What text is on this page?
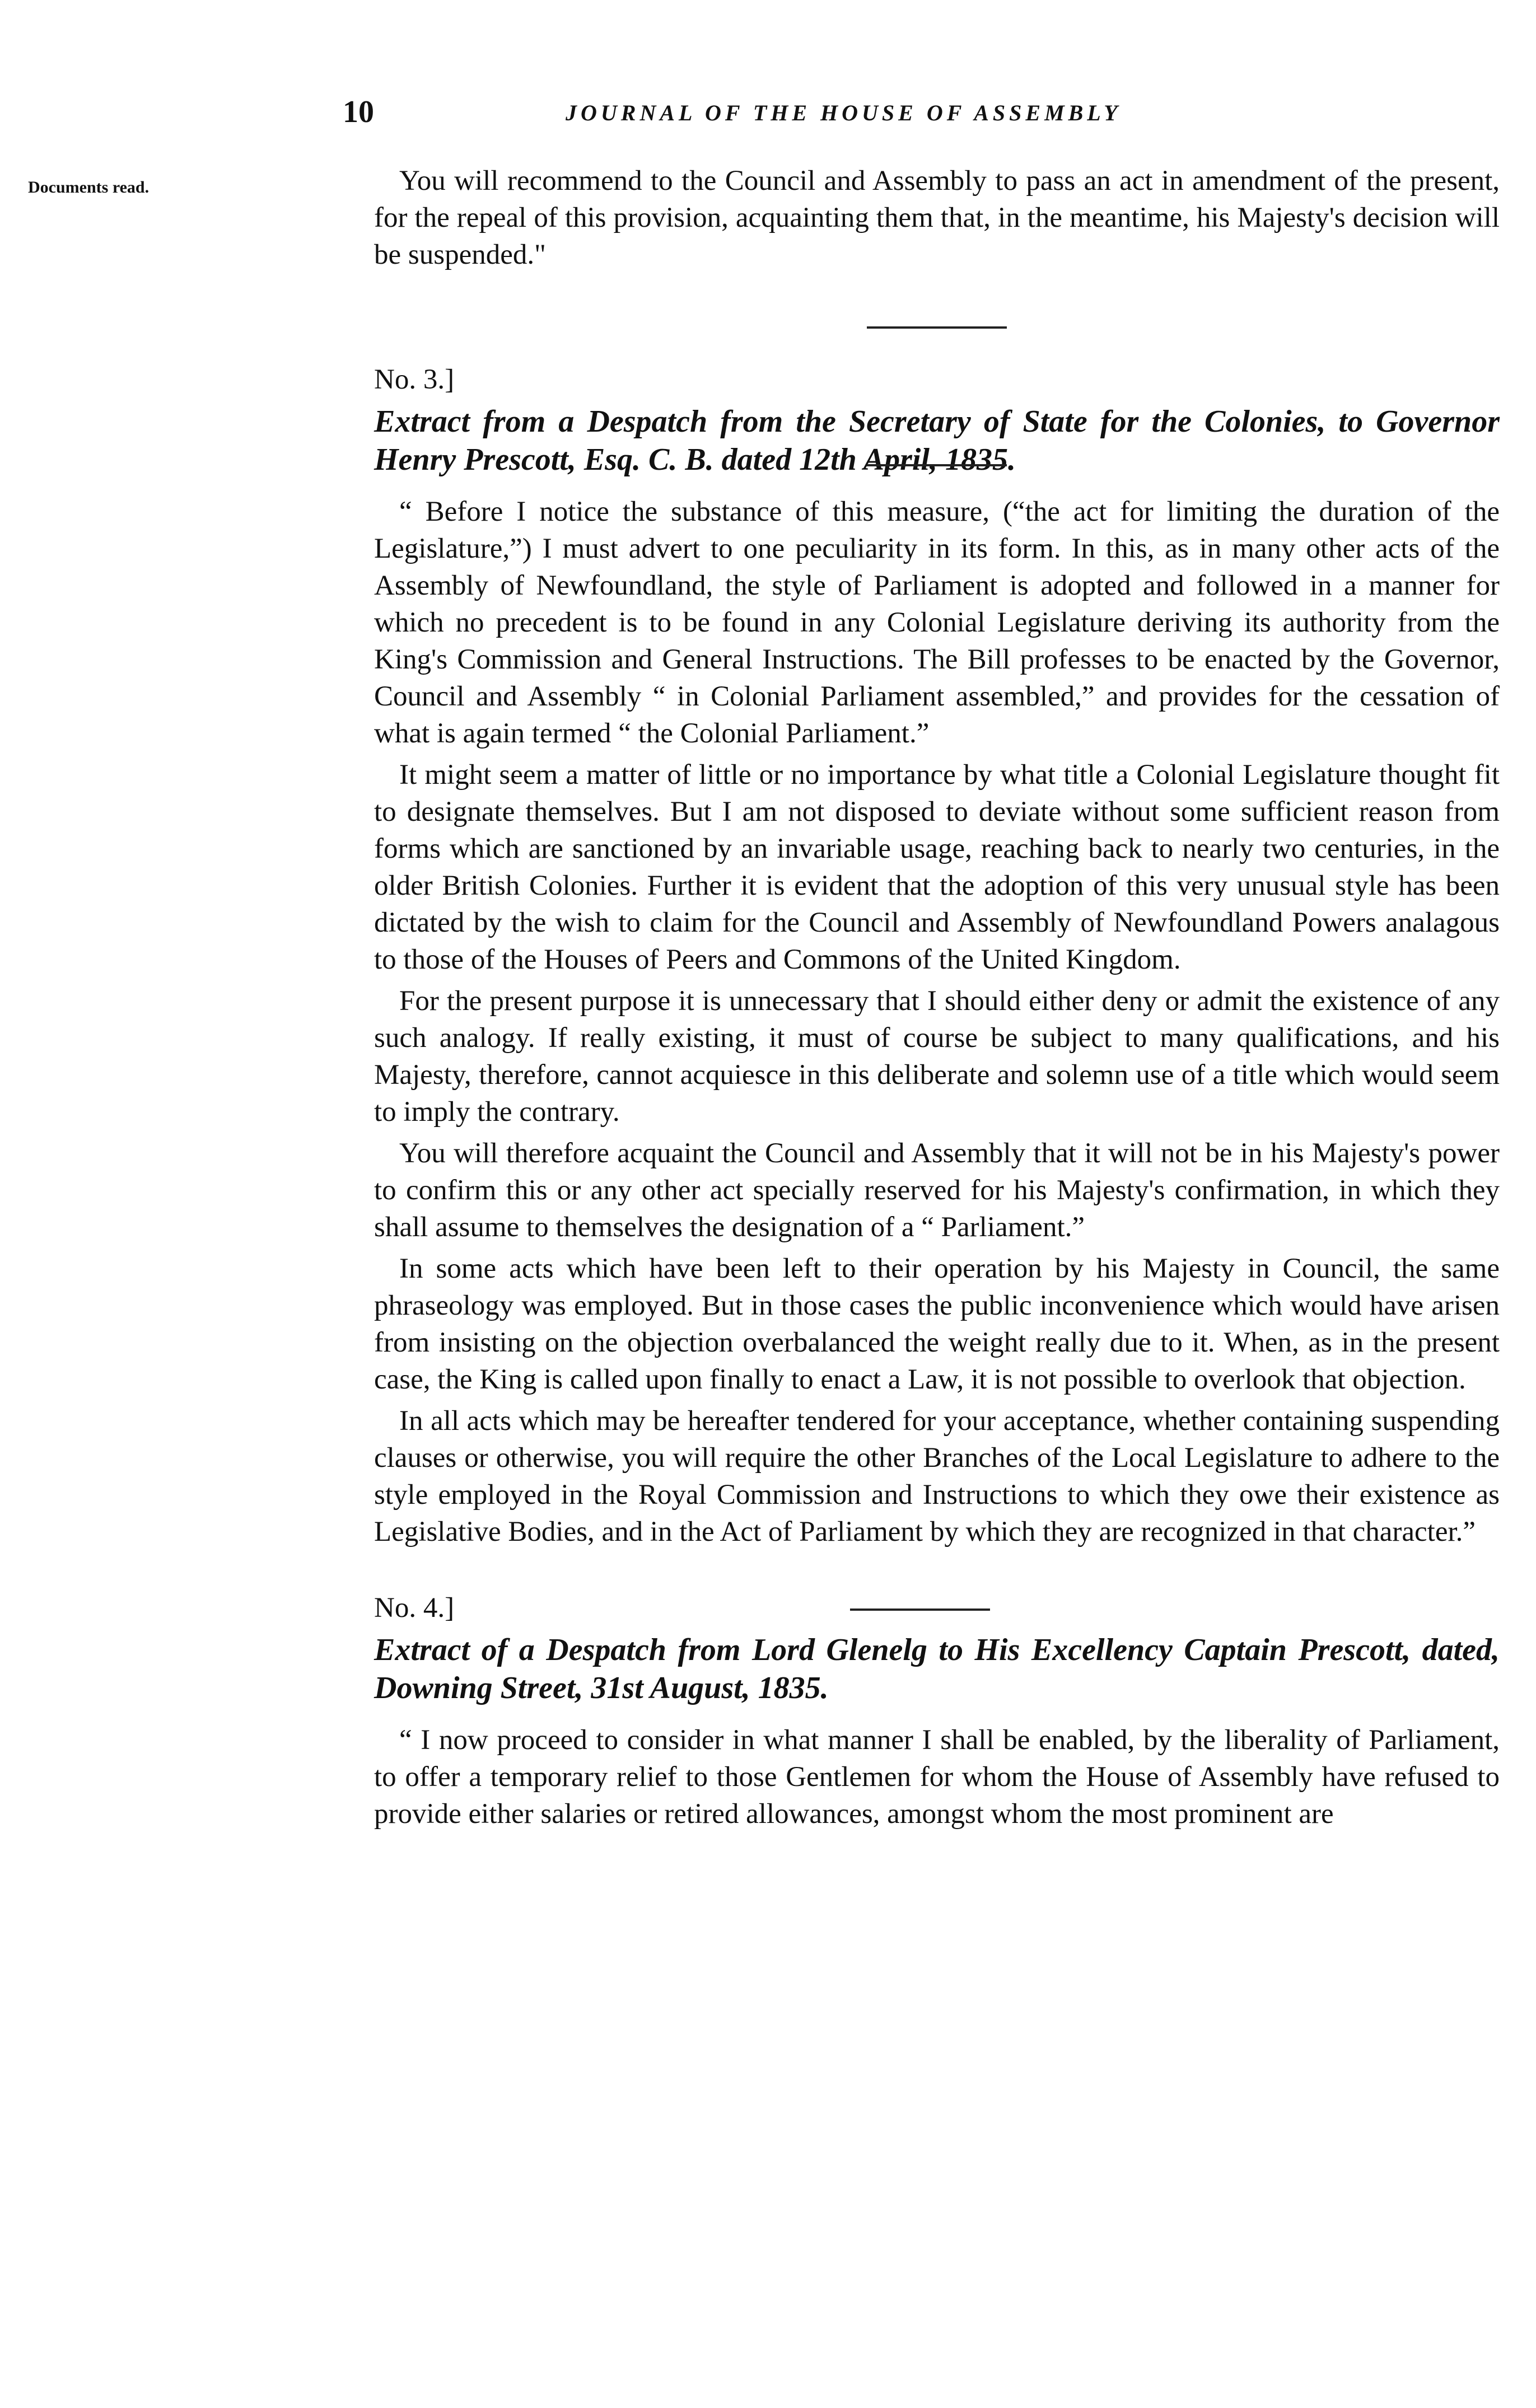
10	JOURNAL OF THE HOUSE OF ASSEMBLY
Documents read.	You will recommend to the Council and Assembly to pass an act in amendment of the present, for the repeal of this provision, acquainting them that, in the meantime, his Majesty's decision will be suspended."

No. 3.]
Extract from a Despatch from the Secretary of State for the Colonies, to Governor Henry Prescott, Esq. C. B. dated 12th April, 1835.

“ Before I notice the substance of this measure, (“the act for limiting the duration of the Legislature,”) I must advert to one peculiarity in its form. In this, as in many other acts of the Assembly of Newfoundland, the style of Parliament is adopted and followed in a manner for which no precedent is to be found in any Colonial Legislature deriving its authority from the King's Commission and General Instructions. The Bill professes to be enacted by the Governor, Council and Assembly “ in Colonial Parliament assembled,” and provides for the cessation of what is again termed “ the Colonial Parliament.”

It might seem a matter of little or no importance by what title a Colonial Legislature thought fit to designate themselves. But I am not disposed to deviate without some sufficient reason from forms which are sanctioned by an invariable usage, reaching back to nearly two centuries, in the older British Colonies. Further it is evident that the adoption of this very unusual style has been dictated by the wish to claim for the Council and Assembly of Newfoundland Powers analagous to those of the Houses of Peers and Commons of the United Kingdom.

For the present purpose it is unnecessary that I should either deny or admit the existence of any such analogy. If really existing, it must of course be subject to many qualifications, and his Majesty, therefore, cannot acquiesce in this deliberate and solemn use of a title which would seem to imply the contrary.

You will therefore acquaint the Council and Assembly that it will not be in his Majesty's power to confirm this or any other act specially reserved for his Majesty's confirmation, in which they shall assume to themselves the designation of a “ Parliament.”

In some acts which have been left to their operation by his Majesty in Council, the same phraseology was employed. But in those cases the public inconvenience which would have arisen from insisting on the objection overbalanced the weight really due to it. When, as in the present case, the King is called upon finally to enact a Law, it is not possible to overlook that objection.

In all acts which may be hereafter tendered for your acceptance, whether containing suspending clauses or otherwise, you will require the other Branches of the Local Legislature to adhere to the style employed in the Royal Commission and Instructions to which they owe their existence as Legislative Bodies, and in the Act of Parliament by which they are recognized in that character.”

No. 4.]
Extract of a Despatch from Lord Glenelg to His Excellency Captain Prescott, dated, Downing Street, 31st August, 1835.

“ I now proceed to consider in what manner I shall be enabled, by the liberality of Parliament, to offer a temporary relief to those Gentlemen for whom the House of Assembly have refused to provide either salaries or retired allowances, amongst whom the most prominent are
